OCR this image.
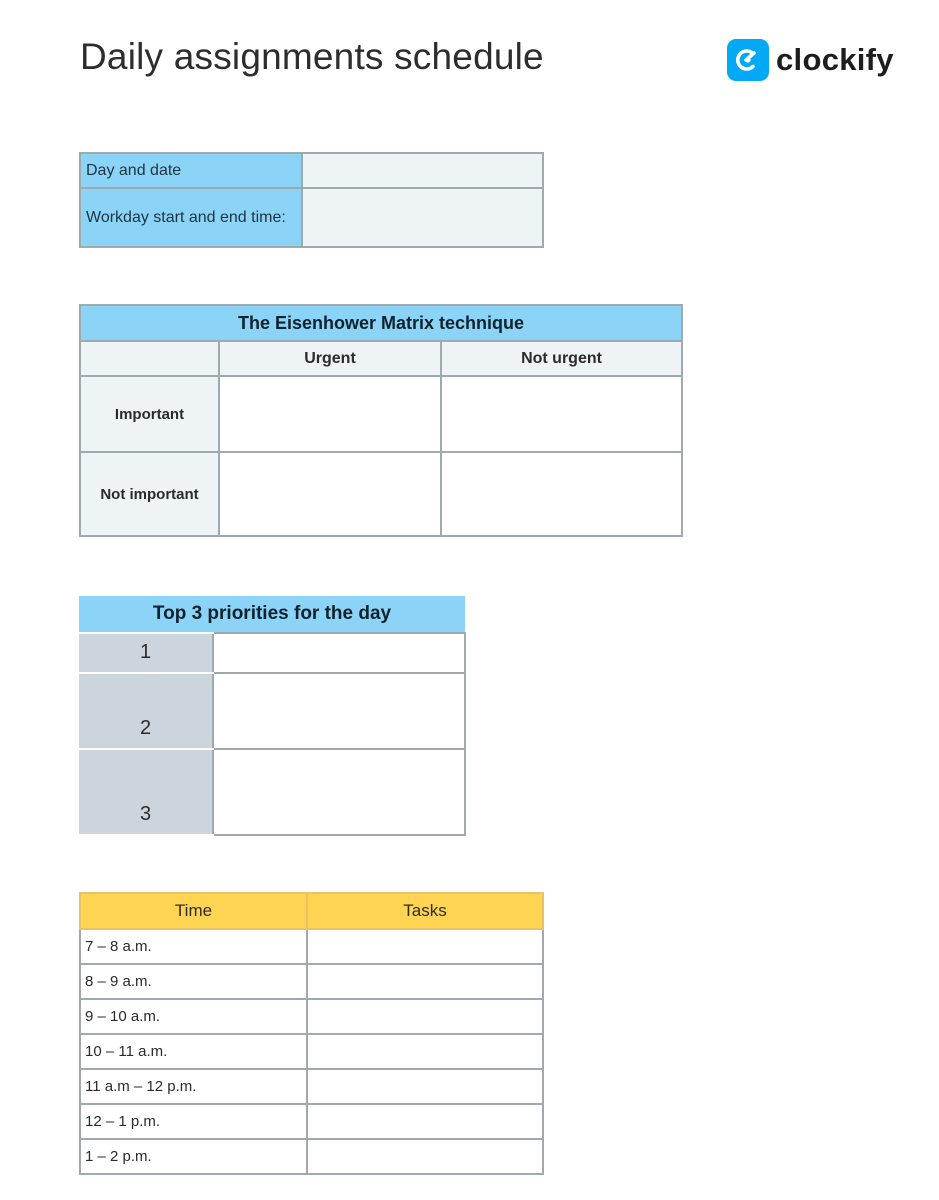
Daily assignments schedule	clockify
Day and date	
Workday start and end time:	
The Eisenhower Matrix technique		
	Urgent	Not urgent
Important		
Not important		
Top 3 priorities for the day	
1	
2	
3	
Time	Tasks
7 – 8 a.m.	
8 – 9 a.m.	
9 – 10 a.m.	
10 – 11 a.m.	
11 a.m – 12 p.m.	
12 – 1 p.m.	
1 – 2 p.m.	
